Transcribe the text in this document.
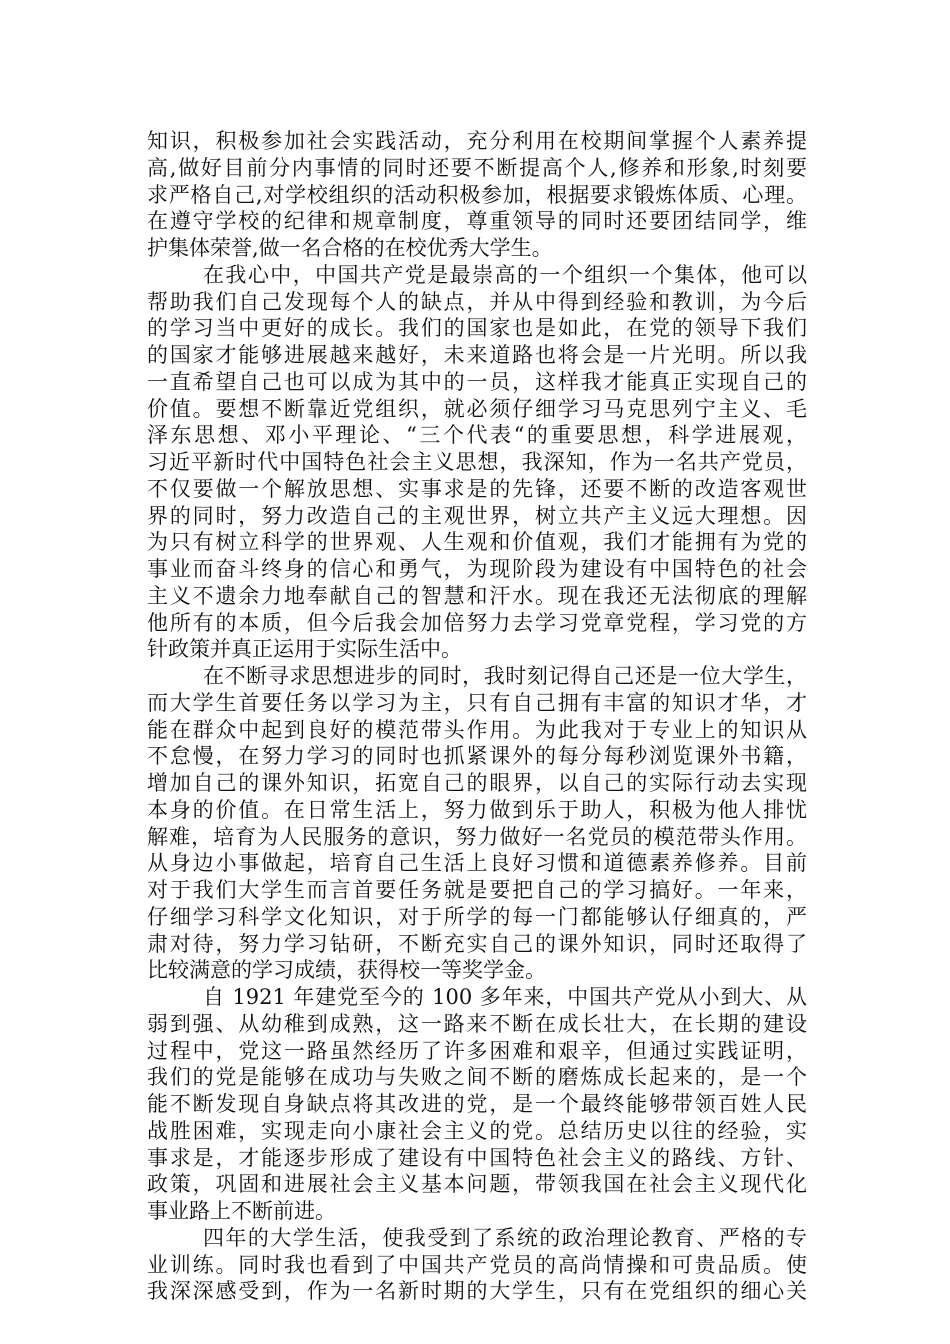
知识，积极参加社会实践活动，充分利用在校期间掌握个人素养提
高,做好目前分内事情的同时还要不断提高个人,修养和形象,时刻要
求严格自己,对学校组织的活动积极参加，根据要求锻炼体质、心理。
在遵守学校的纪律和规章制度，尊重领导的同时还要团结同学，维
护集体荣誉,做一名合格的在校优秀大学生。
在我心中，中国共产党是最崇高的一个组织一个集体，他可以
帮助我们自己发现每个人的缺点，并从中得到经验和教训，为今后
的学习当中更好的成长。我们的国家也是如此，在党的领导下我们
的国家才能够进展越来越好，未来道路也将会是一片光明。所以我
一直希望自己也可以成为其中的一员，这样我才能真正实现自己的
价值。要想不断靠近党组织，就必须仔细学习马克思列宁主义、毛
泽东思想、邓小平理论、“三个代表“的重要思想，科学进展观，
习近平新时代中国特色社会主义思想，我深知，作为一名共产党员，
不仅要做一个解放思想、实事求是的先锋，还要不断的改造客观世
界的同时，努力改造自己的主观世界，树立共产主义远大理想。因
为只有树立科学的世界观、人生观和价值观，我们才能拥有为党的
事业而奋斗终身的信心和勇气，为现阶段为建设有中国特色的社会
主义不遗余力地奉献自己的智慧和汗水。现在我还无法彻底的理解
他所有的本质，但今后我会加倍努力去学习党章党程，学习党的方
针政策并真正运用于实际生活中。
在不断寻求思想进步的同时，我时刻记得自己还是一位大学生，
而大学生首要任务以学习为主，只有自己拥有丰富的知识才华，才
能在群众中起到良好的模范带头作用。为此我对于专业上的知识从
不怠慢，在努力学习的同时也抓紧课外的每分每秒浏览课外书籍，
增加自己的课外知识，拓宽自己的眼界，以自己的实际行动去实现
本身的价值。在日常生活上，努力做到乐于助人，积极为他人排忧
解难，培育为人民服务的意识，努力做好一名党员的模范带头作用。
从身边小事做起，培育自己生活上良好习惯和道德素养修养。目前
对于我们大学生而言首要任务就是要把自己的学习搞好。一年来，
仔细学习科学文化知识，对于所学的每一门都能够认仔细真的，严
肃对待，努力学习钻研，不断充实自己的课外知识，同时还取得了
比较满意的学习成绩，获得校一等奖学金。
自 1921 年建党至今的 100 多年来，中国共产党从小到大、从
弱到强、从幼稚到成熟，这一路来不断在成长壮大，在长期的建设
过程中，党这一路虽然经历了许多困难和艰辛，但通过实践证明，
我们的党是能够在成功与失败之间不断的磨炼成长起来的，是一个
能不断发现自身缺点将其改进的党，是一个最终能够带领百姓人民
战胜困难，实现走向小康社会主义的党。总结历史以往的经验，实
事求是，才能逐步形成了建设有中国特色社会主义的路线、方针、
政策，巩固和进展社会主义基本问题，带领我国在社会主义现代化
事业路上不断前进。
四年的大学生活，使我受到了系统的政治理论教育、严格的专
业训练。同时我也看到了中国共产党员的高尚情操和可贵品质。使
我深深感受到，作为一名新时期的大学生，只有在党组织的细心关
